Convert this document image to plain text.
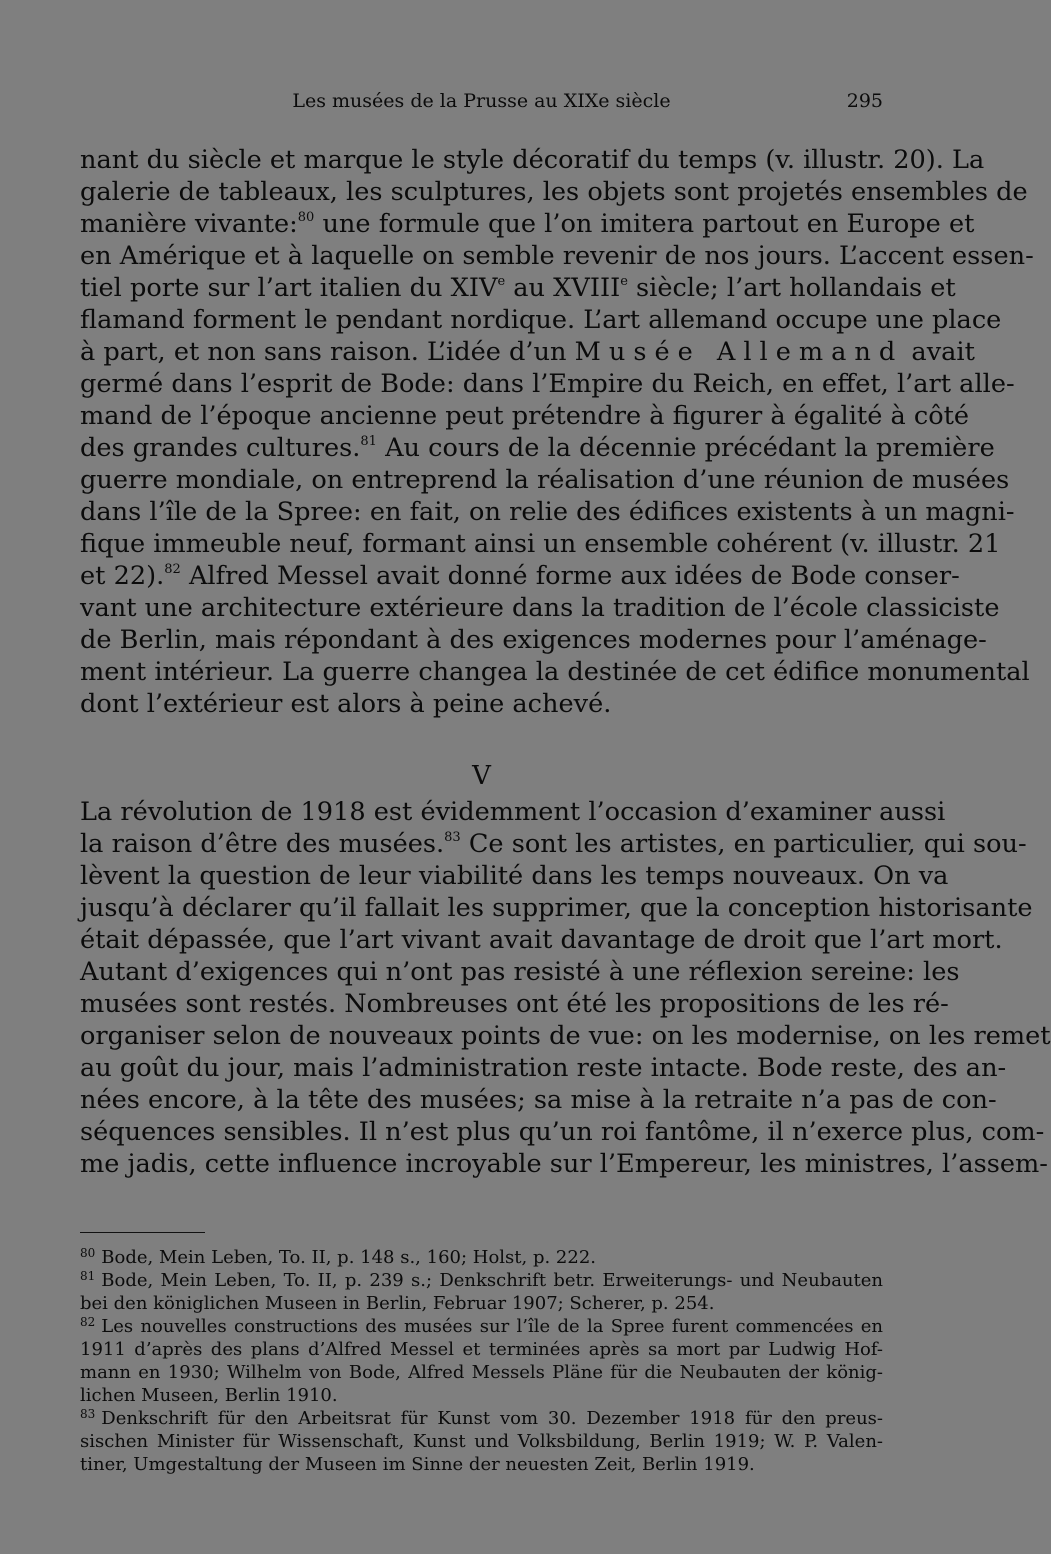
Les musées de la Prusse au XIXe siècle	295
nant du siècle et marque le style décoratif du temps (v. illustr. 20). La
galerie de tableaux, les sculptures, les objets sont projetés ensembles de
manière vivante:$^{80}$ une formule que l’on imitera partout en Europe et
en Amérique et à laquelle on semble revenir de nos jours. L’accent essen-
tiel porte sur l’art italien du XIVe au XVIIIe siècle; l’art hollandais et
flamand forment le pendant nordique. L’art allemand occupe une place
à part, et non sans raison. L’idée d’un Musée Allemand avait
germé dans l’esprit de Bode: dans l’Empire du Reich, en effet, l’art alle-
mand de l’époque ancienne peut prétendre à figurer à égalité à côté
des grandes cultures.$^{81}$ Au cours de la décennie précédant la première
guerre mondiale, on entreprend la réalisation d’une réunion de musées
dans l’île de la Spree: en fait, on relie des édifices existents à un magni-
fique immeuble neuf, formant ainsi un ensemble cohérent (v. illustr. 21
et 22).$^{82}$ Alfred Messel avait donné forme aux idées de Bode conser-
vant une architecture extérieure dans la tradition de l’école classiciste
de Berlin, mais répondant à des exigences modernes pour l’aménage-
ment intérieur. La guerre changea la destinée de cet édifice monumental
dont l’extérieur est alors à peine achevé.
V
La révolution de 1918 est évidemment l’occasion d’examiner aussi
la raison d’être des musées.$^{83}$ Ce sont les artistes, en particulier, qui sou-
lèvent la question de leur viabilité dans les temps nouveaux. On va
jusqu’à déclarer qu’il fallait les supprimer, que la conception historisante
était dépassée, que l’art vivant avait davantage de droit que l’art mort.
Autant d’exigences qui n’ont pas resisté à une réflexion sereine: les
musées sont restés. Nombreuses ont été les propositions de les ré-
organiser selon de nouveaux points de vue: on les modernise, on les remet
au goût du jour, mais l’administration reste intacte. Bode reste, des an-
nées encore, à la tête des musées; sa mise à la retraite n’a pas de con-
séquences sensibles. Il n’est plus qu’un roi fantôme, il n’exerce plus, com-
me jadis, cette influence incroyable sur l’Empereur, les ministres, l’assem-
$^{80}$ Bode, Mein Leben, To. II, p. 148 s., 160; Holst, p. 222.
$^{81}$ Bode, Mein Leben, To. II, p. 239 s.; Denkschrift betr. Erweiterungs- und Neubauten
bei den königlichen Museen in Berlin, Februar 1907; Scherer, p. 254.
$^{82}$ Les nouvelles constructions des musées sur l’île de la Spree furent commencées en
1911 d’après des plans d’Alfred Messel et terminées après sa mort par Ludwig Hof-
mann en 1930; Wilhelm von Bode, Alfred Messels Pläne für die Neubauten der könig-
lichen Museen, Berlin 1910.
$^{83}$ Denkschrift für den Arbeitsrat für Kunst vom 30. Dezember 1918 für den preus-
sischen Minister für Wissenschaft, Kunst und Volksbildung, Berlin 1919; W. P. Valen-
tiner, Umgestaltung der Museen im Sinne der neuesten Zeit, Berlin 1919.
